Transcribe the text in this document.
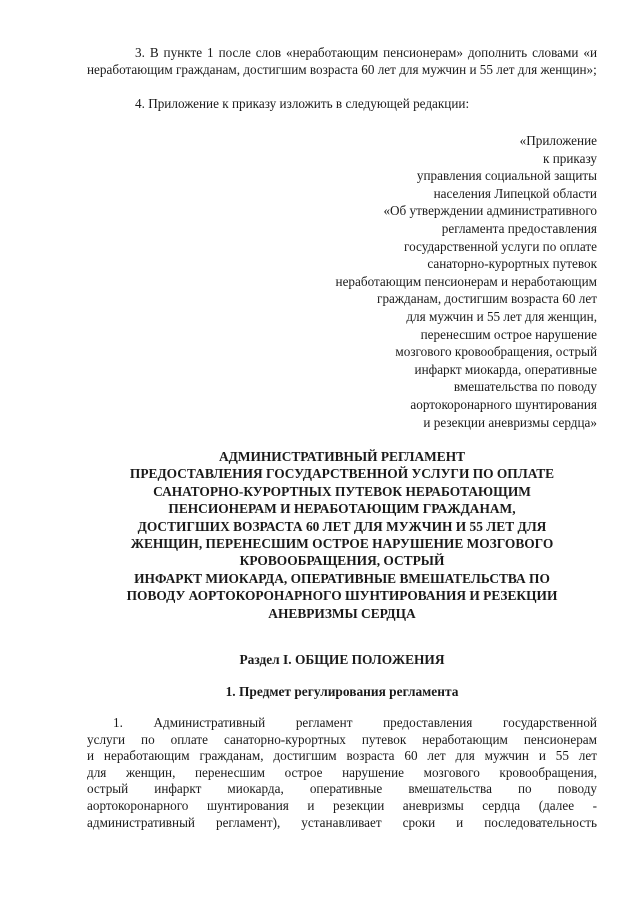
3. В пункте 1 после слов «неработающим пенсионерам» дополнить словами «и неработающим гражданам, достигшим возраста 60 лет для мужчин и 55 лет для женщин»;

4. Приложение к приказу изложить в следующей редакции:

«Приложение
к приказу
управления социальной защиты
населения Липецкой области
«Об утверждении административного
регламента предоставления
государственной услуги по оплате
санаторно-курортных путевок
неработающим пенсионерам и неработающим
гражданам, достигшим возраста 60 лет
для мужчин и 55 лет для женщин,
перенесшим острое нарушение
мозгового кровообращения, острый
инфаркт миокарда, оперативные
вмешательства по поводу
аортокоронарного шунтирования
и резекции аневризмы сердца»
АДМИНИСТРАТИВНЫЙ РЕГЛАМЕНТ
ПРЕДОСТАВЛЕНИЯ ГОСУДАРСТВЕННОЙ УСЛУГИ ПО ОПЛАТЕ
САНАТОРНО-КУРОРТНЫХ ПУТЕВОК НЕРАБОТАЮЩИМ
ПЕНСИОНЕРАМ И НЕРАБОТАЮЩИМ ГРАЖДАНАМ,
ДОСТИГШИХ ВОЗРАСТА 60 ЛЕТ ДЛЯ МУЖЧИН И 55 ЛЕТ ДЛЯ
ЖЕНЩИН, ПЕРЕНЕСШИМ ОСТРОЕ НАРУШЕНИЕ МОЗГОВОГО
КРОВООБРАЩЕНИЯ, ОСТРЫЙ
ИНФАРКТ МИОКАРДА, ОПЕРАТИВНЫЕ ВМЕШАТЕЛЬСТВА ПО
ПОВОДУ АОРТОКОРОНАРНОГО ШУНТИРОВАНИЯ И РЕЗЕКЦИИ
АНЕВРИЗМЫ СЕРДЦА
Раздел I. ОБЩИЕ ПОЛОЖЕНИЯ
1. Предмет регулирования регламента
1. Административный регламент предоставления государственной
услуги по оплате санаторно-курортных путевок неработающим пенсионерам
и неработающим гражданам, достигшим возраста 60 лет для мужчин и 55 лет
для женщин, перенесшим острое нарушение мозгового кровообращения,
острый инфаркт миокарда, оперативные вмешательства по поводу
аортокоронарного шунтирования и резекции аневризмы сердца (далее -
административный регламент), устанавливает сроки и последовательность
